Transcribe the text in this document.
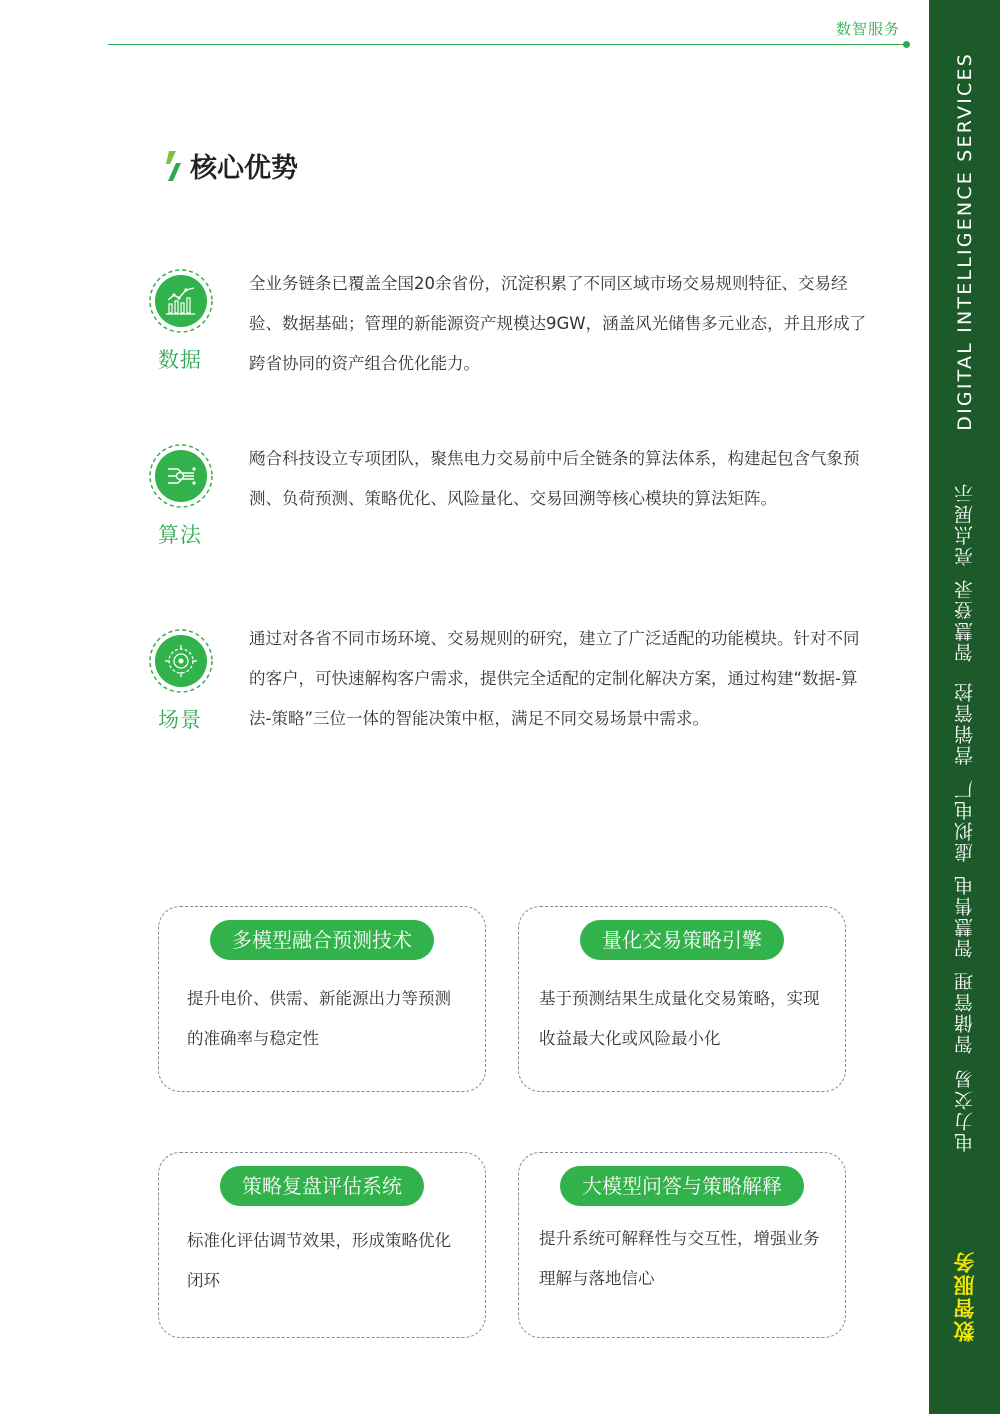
数智服务
核心优势
数据
全业务链条已覆盖全国20余省份，沉淀积累了不同区域市场交易规则特征、交易经验、数据基础；管理的新能源资产规模达9GW，涵盖风光储售多元业态，并且形成了跨省协同的资产组合优化能力。
算法
飏合科技设立专项团队，聚焦电力交易前中后全链条的算法体系，构建起包含气象预测、负荷预测、策略优化、风险量化、交易回溯等核心模块的算法矩阵。
场景
通过对各省不同市场环境、交易规则的研究，建立了广泛适配的功能模块。针对不同的客户，可快速解构客户需求，提供完全适配的定制化解决方案，通过构建“数据-算法-策略”三位一体的智能决策中枢，满足不同交易场景中需求。
多模型融合预测技术
提升电价、供需、新能源出力等预测的准确率与稳定性
量化交易策略引擎
基于预测结果生成量化交易策略，实现收益最大化或风险最小化
策略复盘评估系统
标准化评估调节效果，形成策略优化闭环
大模型问答与策略解释
提升系统可解释性与交互性，增强业务理解与落地信心
DIGITAL INTELLIGENCE SERVICES
亮点展示
智慧登录
营销管控
虚拟电厂
智慧售电
智储管理
电力交易
数智服务
